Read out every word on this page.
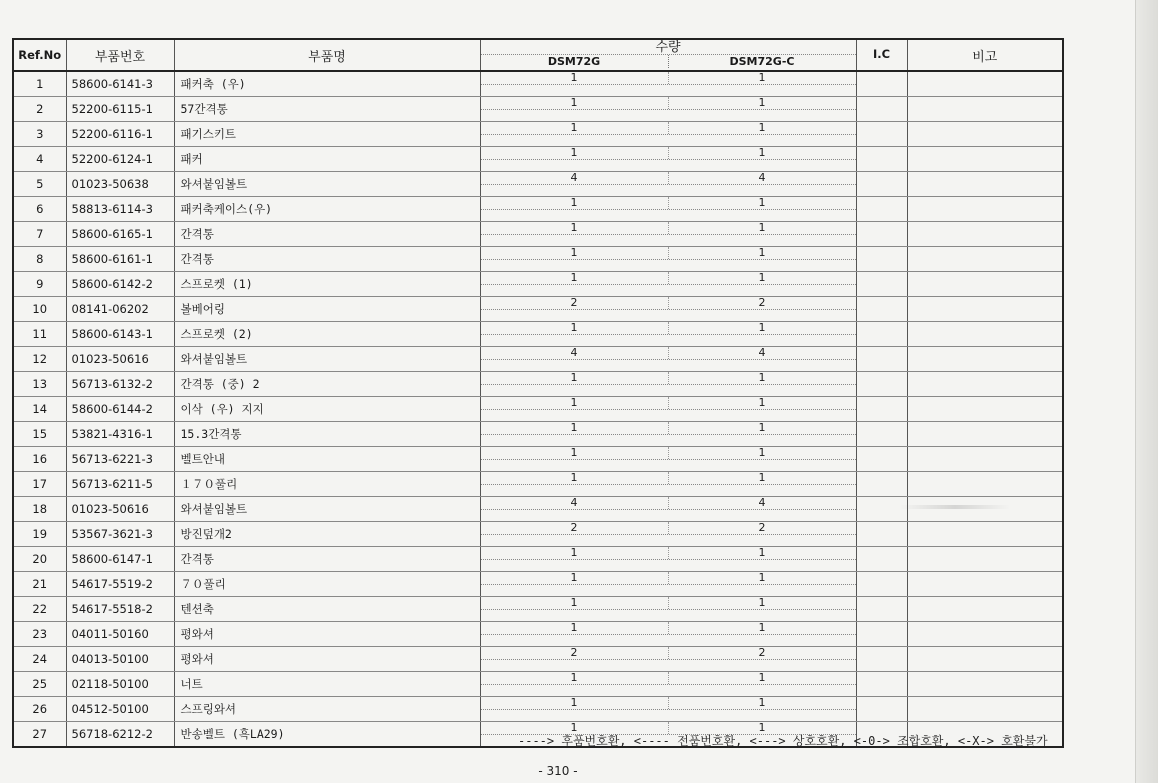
Ref.No	부품번호	부품명	수량
DSM72G DSM72G-C	I.C	비고
1	58600-6141-3	패커축 (우)	1 1		

2	52200-6115-1	57간격통	1 1		

3	52200-6116-1	패기스키트	1 1		

4	52200-6124-1	패커	1 1		

5	01023-50638	와셔붙임볼트	4 4		

6	58813-6114-3	패커축케이스(우)	1 1		

7	58600-6165-1	간격통	1 1		

8	58600-6161-1	간격통	1 1		

9	58600-6142-2	스프로켓 (1)	1 1		

10	08141-06202	볼베어링	2 2		

11	58600-6143-1	스프로켓 (2)	1 1		

12	01023-50616	와셔붙임볼트	4 4		

13	56713-6132-2	간격통 (중) 2	1 1		

14	58600-6144-2	이삭 (우) 지지	1 1		

15	53821-4316-1	15.3간격통	1 1		

16	56713-6221-3	벨트안내	1 1		

17	56713-6211-5	１７０풀리	1 1		

18	01023-50616	와셔붙임볼트	4 4		

19	53567-3621-3	방진덮개2	2 2		

20	58600-6147-1	간격통	1 1		

21	54617-5519-2	７０풀리	1 1		

22	54617-5518-2	텐션축	1 1		

23	04011-50160	평와셔	1 1		

24	04013-50100	평와셔	2 2		

25	02118-50100	너트	1 1		

26	04512-50100	스프링와셔	1 1		

27	56718-6212-2	반송벨트 (흑LA29)	1 1		

----> 후품번호환, <---- 전품번호환, <---> 상호호환, <-0-> 조합호환, <-X-> 호환불가
- 310 -
